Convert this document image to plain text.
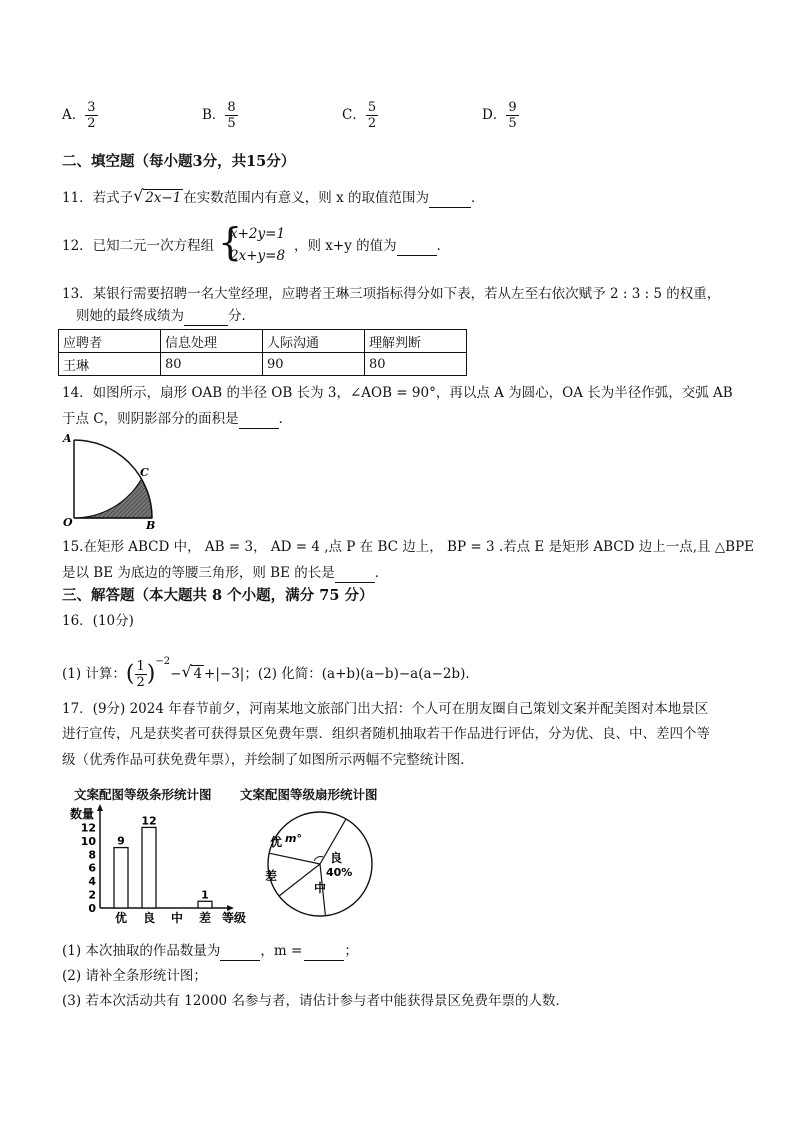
A． $\frac{3}{2}$	B． $\frac{8}{5}$	C． $\frac{5}{2}$	D． $\frac{9}{5}$
二、填空题（每小题3分，共15分）
11．若式子 √ 2x−1 在实数范围内有意义，则 x 的取值范围为	．
12．已知二元一次方程组 {
x+2y=1
2x+y=8
，则 x+y 的值为	．
13．某银行需要招聘一名大堂经理，应聘者王琳三项指标得分如下表，若从左至右依次赋予 2 : 3 : 5 的权重，
则她的最终成绩为	分．
应聘者	信息处理	人际沟通	理解判断
王琳	80	90	80
14．如图所示，扇形 OAB 的半径 OB 长为 3，∠AOB = 90°，再以点 A 为圆心，OA 长为半径作弧，交弧 AB
于点 C，则阴影部分的面积是	．
A
C
O	B
15.在矩形 ABCD 中， AB = 3， AD = 4 ,点 P 在 BC 边上， BP = 3 .若点 E 是矩形 ABCD 边上一点,且 △BPE
是以 BE 为底边的等腰三角形，则 BE 的长是	．
三、解答题（本大题共 8 个小题，满分 75 分）
16．(10分)
(1) 计算：( $\frac{1}{2} )^{-2}-$ √ 4 +|−3|；(2) 化简：(a+b)(a−b)−a(a−2b)．
17．(9分) 2024 年春节前夕，河南某地文旅部门出大招：个人可在朋友圈自己策划文案并配美图对本地景区
进行宣传，凡是获奖者可获得景区免费年票．组织者随机抽取若干作品进行评估，分为优、良、中、差四个等
级（优秀作品可获免费年票），并绘制了如图所示两幅不完整统计图．
文案配图等级条形统计图 文案配图等级扇形统计图
数量
0
2
4
6
8
10
12
9
优
12
良 中
1
差 等级
优 m°
良
40%
中
差
(1) 本次抽取的作品数量为	，m =	；
(2) 请补全条形统计图；
(3) 若本次活动共有 12000 名参与者，请估计参与者中能获得景区免费年票的人数．
